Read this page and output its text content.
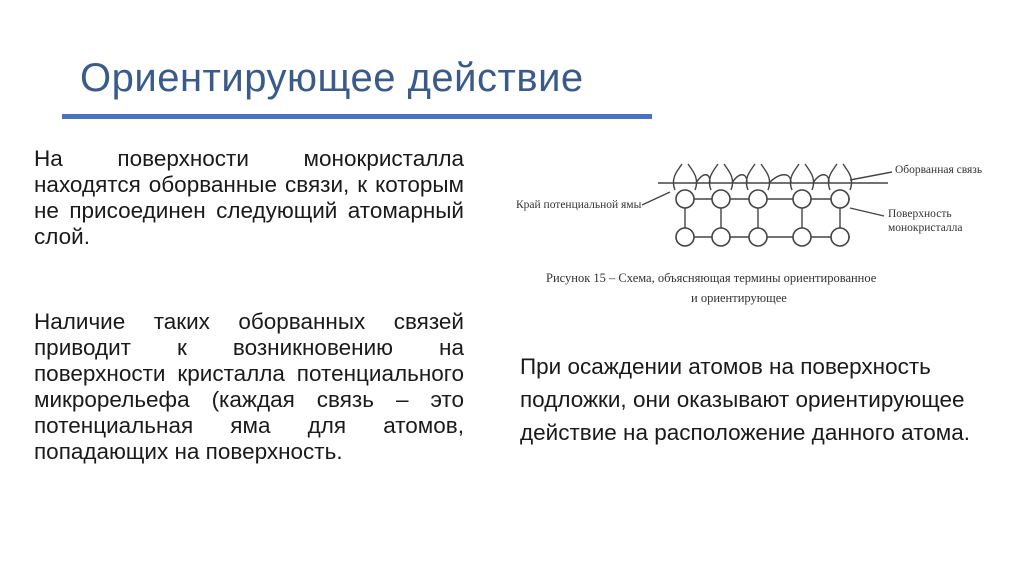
Ориентирующее действие
На поверхности монокристалла находятся оборванные связи, к которым не присоединен следующий атомарный слой.
Наличие таких оборванных связей приводит к возникновению на поверхности кристалла потенциального микрорельефа (каждая связь – это потенциальная яма для атомов, попадающих на поверхность.
При осаждении атомов на поверхность подложки, они оказывают ориентирующее действие на расположение данного атома.
Оборванная связь
Край потенциальной ямы
Поверхность
монокристалла
Рисунок 15 – Схема, объясняющая термины ориентированное
и ориентирующее
